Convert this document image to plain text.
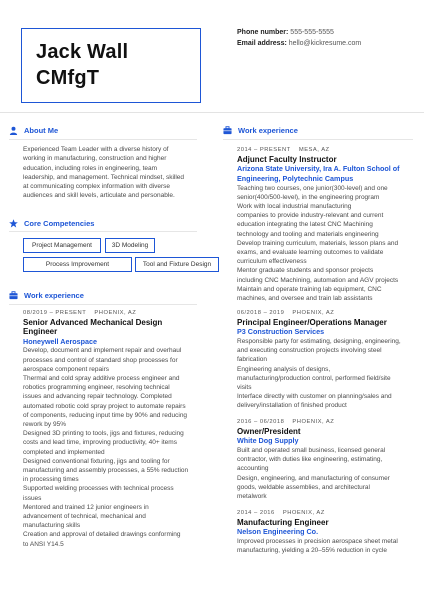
Jack Wall
CMfgT
Phone number: 555-555-5555
Email address: hello@kickresume.com
About Me
Experienced Team Leader with a diverse history of
working in manufacturing, construction and higher
education, including roles in engineering, team
leadership, and management. Technical mindset, skilled
at communicating complex information with diverse
audiences and skill levels, articulate and personable.
Core Competencies
Project Management	3D Modeling
Process Improvement	Tool and Fixture Design
Work experience
08/2019 – PRESENT PHOENIX, AZ
Senior Advanced Mechanical Design
Engineer
Honeywell Aerospace
Develop, document and implement repair and overhaul
processes and control of standard shop processes for
aerospace component repairs
Thermal and cold spray additive process engineer and
robotics programming engineer, resolving technical
issues and advancing repair technology. Completed
automated robotic cold spray project to automate repairs
of components, reducing input time by 90% and reducing
rework by 95%
Designed 3D printing to tools, jigs and fixtures, reducing
costs and lead time, improving productivity, 40+ items
completed and implemented
Designed conventional fixturing, jigs and tooling for
manufacturing and assembly processes, a 55% reduction
in processing times
Supported welding processes with technical process
issues
Mentored and trained 12 junior engineers in
advancement of technical, mechanical and
manufacturing skills
Creation and approval of detailed drawings conforming
to ANSI Y14.5
Work experience
2014 – PRESENT MESA, AZ
Adjunct Faculty Instructor
Arizona State University, Ira A. Fulton School of
Engineering, Polytechnic Campus
Teaching two courses, one junior(300-level) and one
senior(400/500-level), in the engineering program
Work with local industrial manufacturing
companies to provide industry-relevant and current
education integrating the latest CNC Machining
technology and tooling and materials engineering
Develop training curriculum, materials, lesson plans and
exams, and evaluate learning outcomes to validate
curriculum effectiveness
Mentor graduate students and sponsor projects
including CNC Machining, automation and AGV projects
Maintain and operate training lab equipment, CNC
machines, and oversee and train lab assistants
06/2018 – 2019 PHOENIX, AZ
Principal Engineer/Operations Manager
P3 Construction Services
Responsible party for estimating, designing, engineering,
and executing construction projects involving steel
fabrication
Engineering analysis of designs,
manufacturing/production control, performed field/site
visits
Interface directly with customer on planning/sales and
delivery/installation of finished product
2016 – 06/2018 PHOENIX, AZ
Owner/President
White Dog Supply
Built and operated small business, licensed general
contractor, with duties like engineering, estimating,
accounting
Design, engineering, and manufacturing of consumer
goods, weldable assemblies, and architectural
metalwork
2014 – 2016 PHOENIX, AZ
Manufacturing Engineer
Nelson Engineering Co.
Improved processes in precision aerospace sheet metal
manufacturing, yielding a 20–55% reduction in cycle
